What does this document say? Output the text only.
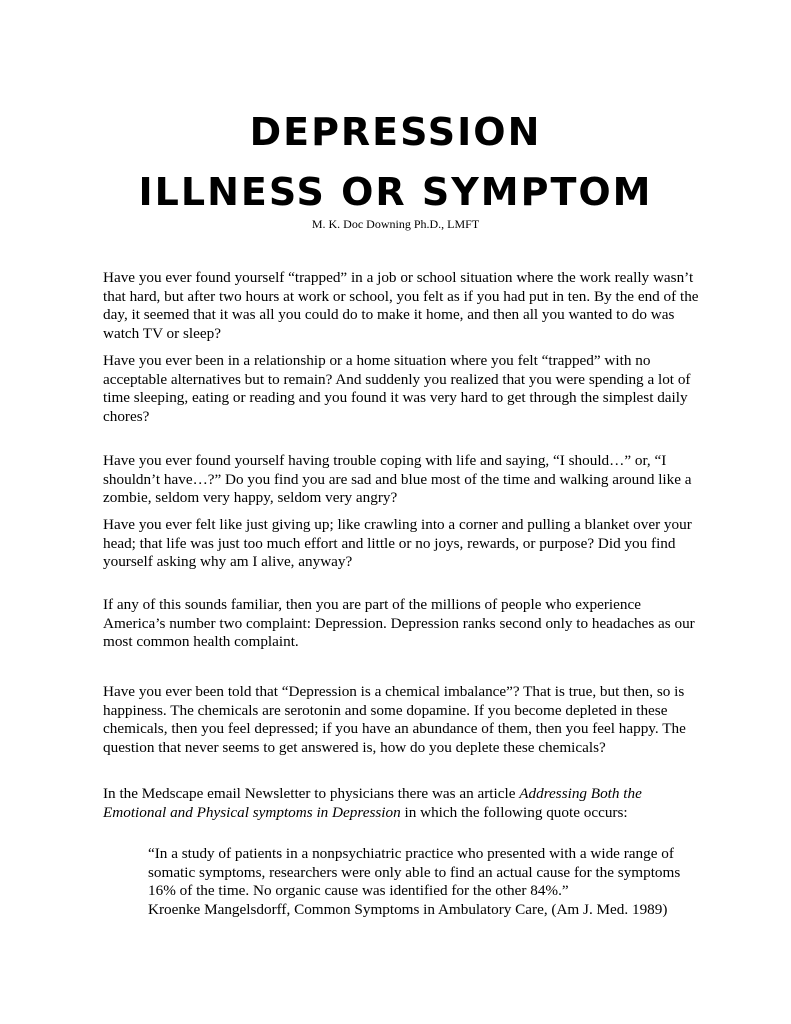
DEPRESSION
ILLNESS OR SYMPTOM
M. K. Doc Downing Ph.D., LMFT

Have you ever found yourself “trapped” in a job or school situation where the work really wasn’t that hard, but after two hours at work or school, you felt as if you had put in ten. By the end of the day, it seemed that it was all you could do to make it home, and then all you wanted to do was watch TV or sleep?

Have you ever been in a relationship or a home situation where you felt “trapped” with no acceptable alternatives but to remain? And suddenly you realized that you were spending a lot of time sleeping, eating or reading and you found it was very hard to get through the simplest daily chores?

Have you ever found yourself having trouble coping with life and saying, “I should…” or, “I shouldn’t have…?” Do you find you are sad and blue most of the time and walking around like a zombie, seldom very happy, seldom very angry?

Have you ever felt like just giving up; like crawling into a corner and pulling a blanket over your head; that life was just too much effort and little or no joys, rewards, or purpose? Did you find yourself asking why am I alive, anyway?

If any of this sounds familiar, then you are part of the millions of people who experience America’s number two complaint: Depression. Depression ranks second only to headaches as our most common health complaint.

Have you ever been told that “Depression is a chemical imbalance”? That is true, but then, so is happiness. The chemicals are serotonin and some dopamine. If you become depleted in these chemicals, then you feel depressed; if you have an abundance of them, then you feel happy. The question that never seems to get answered is, how do you deplete these chemicals?

In the Medscape email Newsletter to physicians there was an article Addressing Both the Emotional and Physical symptoms in Depression in which the following quote occurs:

“In a study of patients in a nonpsychiatric practice who presented with a wide range of somatic symptoms, researchers were only able to find an actual cause for the symptoms 16% of the time. No organic cause was identified for the other 84%.”
Kroenke Mangelsdorff, Common Symptoms in Ambulatory Care, (Am J. Med. 1989)
